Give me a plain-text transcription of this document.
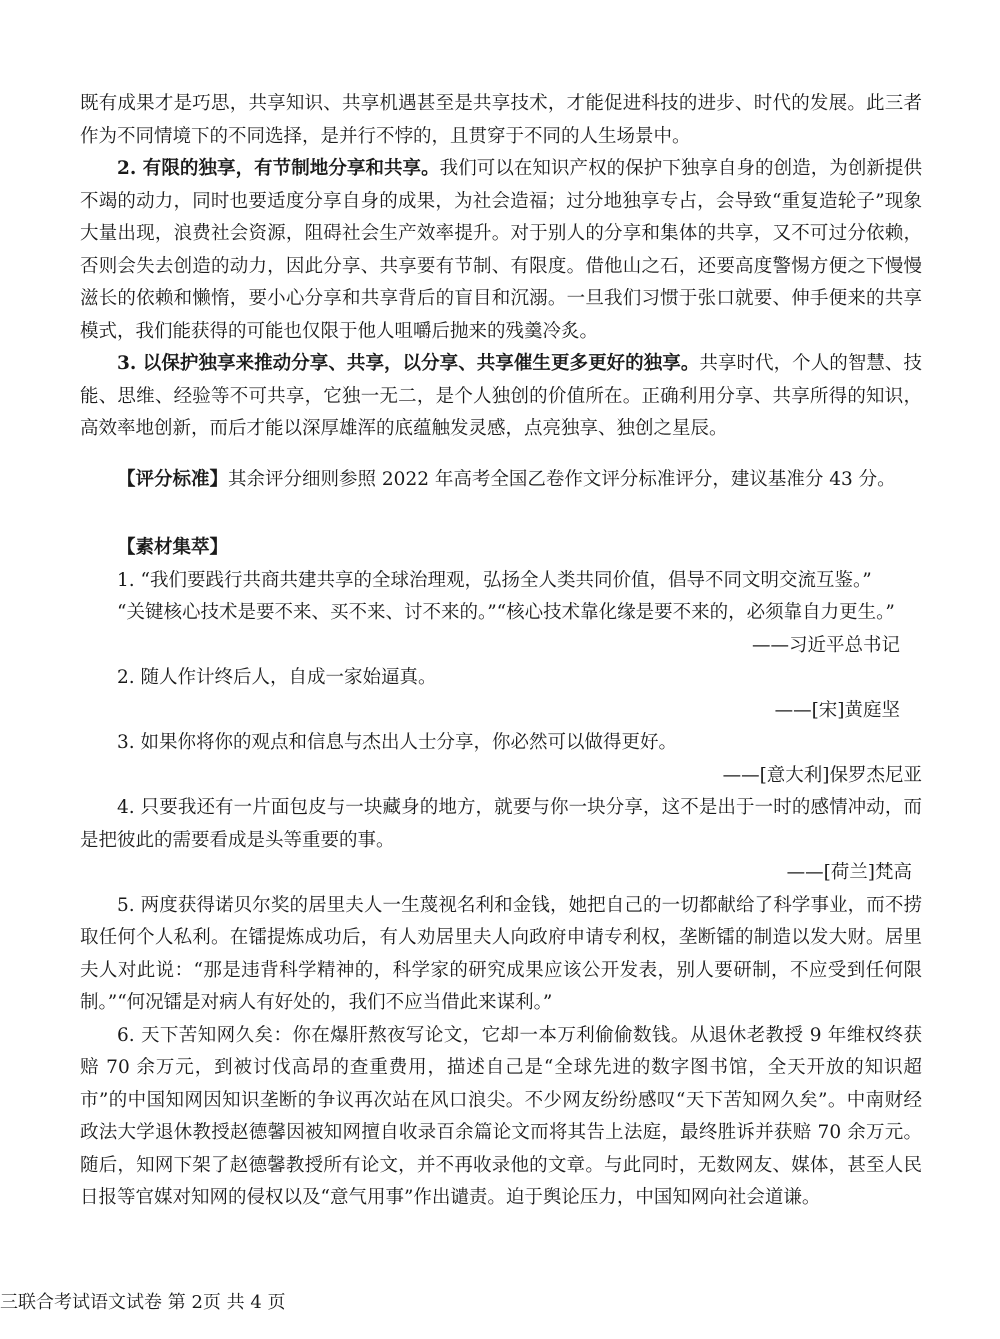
既有成果才是巧思，共享知识、共享机遇甚至是共享技术，才能促进科技的进步、时代的发展。此三者作为不同情境下的不同选择，是并行不悖的，且贯穿于不同的人生场景中。

2. 有限的独享，有节制地分享和共享。我们可以在知识产权的保护下独享自身的创造，为创新提供不竭的动力，同时也要适度分享自身的成果，为社会造福；过分地独享专占，会导致“重复造轮子”现象大量出现，浪费社会资源，阻碍社会生产效率提升。对于别人的分享和集体的共享，又不可过分依赖，否则会失去创造的动力，因此分享、共享要有节制、有限度。借他山之石，还要高度警惕方便之下慢慢滋长的依赖和懒惰，要小心分享和共享背后的盲目和沉溺。一旦我们习惯于张口就要、伸手便来的共享模式，我们能获得的可能也仅限于他人咀嚼后抛来的残羹冷炙。

3. 以保护独享来推动分享、共享，以分享、共享催生更多更好的独享。共享时代，个人的智慧、技能、思维、经验等不可共享，它独一无二，是个人独创的价值所在。正确利用分享、共享所得的知识，高效率地创新，而后才能以深厚雄浑的底蕴触发灵感，点亮独享、独创之星辰。

【评分标准】其余评分细则参照 2022 年高考全国乙卷作文评分标准评分，建议基准分 43 分。

【素材集萃】

1. “我们要践行共商共建共享的全球治理观，弘扬全人类共同价值，倡导不同文明交流互鉴。”

“关键核心技术是要不来、买不来、讨不来的。”“核心技术靠化缘是要不来的，必须靠自力更生。”

——习近平总书记

2. 随人作计终后人，自成一家始逼真。

——[宋]黄庭坚

3. 如果你将你的观点和信息与杰出人士分享，你必然可以做得更好。

——[意大利]保罗杰尼亚

4. 只要我还有一片面包皮与一块藏身的地方，就要与你一块分享，这不是出于一时的感情冲动，而是把彼此的需要看成是头等重要的事。

——[荷兰]梵高

5. 两度获得诺贝尔奖的居里夫人一生蔑视名利和金钱，她把自己的一切都献给了科学事业，而不捞取任何个人私利。在镭提炼成功后，有人劝居里夫人向政府申请专利权，垄断镭的制造以发大财。居里夫人对此说：“那是违背科学精神的，科学家的研究成果应该公开发表，别人要研制，不应受到任何限制。”“何况镭是对病人有好处的，我们不应当借此来谋利。”

6. 天下苦知网久矣：你在爆肝熬夜写论文，它却一本万利偷偷数钱。从退休老教授 9 年维权终获赔 70 余万元，到被讨伐高昂的查重费用，描述自己是“全球先进的数字图书馆，全天开放的知识超市”的中国知网因知识垄断的争议再次站在风口浪尖。不少网友纷纷感叹“天下苦知网久矣”。中南财经政法大学退休教授赵德馨因被知网擅自收录百余篇论文而将其告上法庭，最终胜诉并获赔 70 余万元。随后，知网下架了赵德馨教授所有论文，并不再收录他的文章。与此同时，无数网友、媒体，甚至人民日报等官媒对知网的侵权以及“意气用事”作出谴责。迫于舆论压力，中国知网向社会道谦。

三联合考试语文试卷 第 2页 共 4 页
